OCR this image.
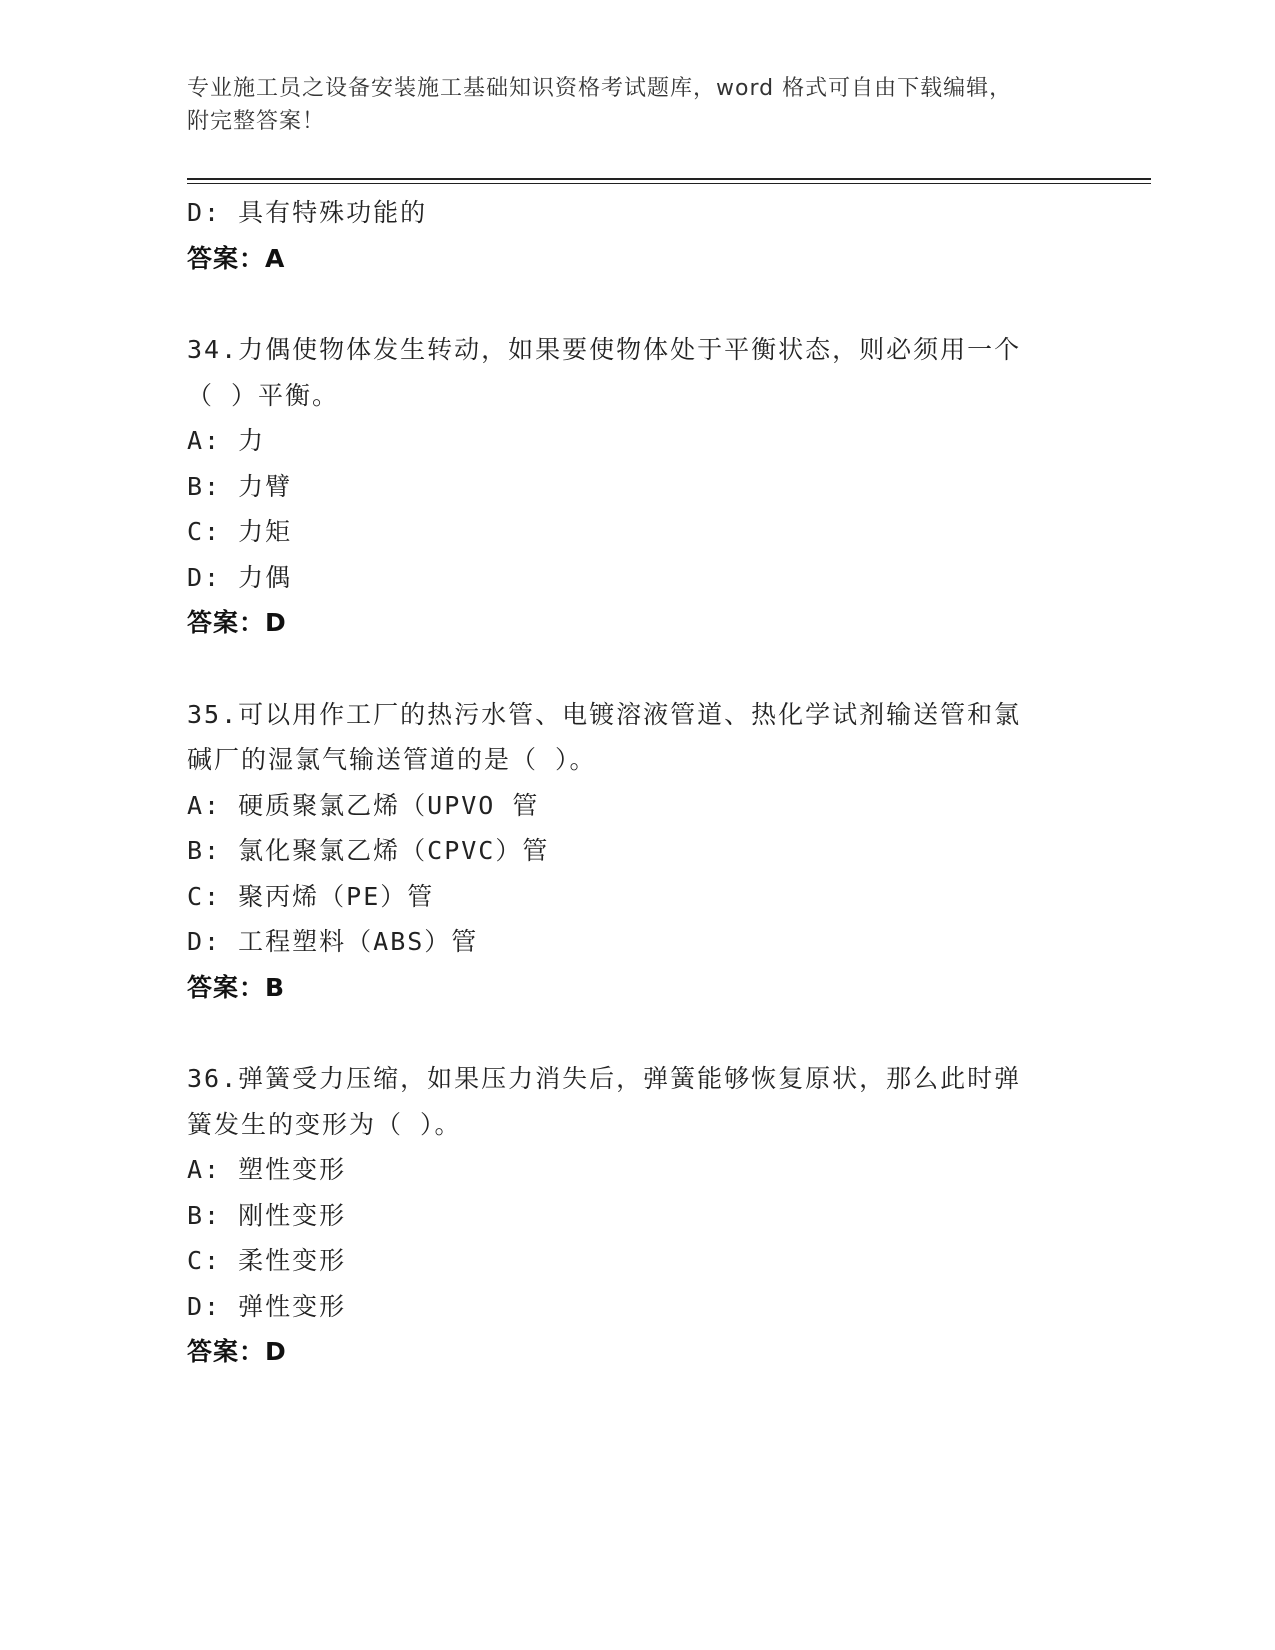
专业施工员之设备安装施工基础知识资格考试题库，word 格式可自由下载编辑，
附完整答案！
D: 具有特殊功能的
答案：A
34.力偶使物体发生转动，如果要使物体处于平衡状态，则必须用一个
（ ）平衡。
A: 力
B: 力臂
C: 力矩
D: 力偶
答案：D
35.可以用作工厂的热污水管、电镀溶液管道、热化学试剂输送管和氯
碱厂的湿氯气输送管道的是（ ）。
A: 硬质聚氯乙烯（UPVO 管
B: 氯化聚氯乙烯（CPVC）管
C: 聚丙烯（PE）管
D: 工程塑料（ABS）管
答案：B
36.弹簧受力压缩，如果压力消失后，弹簧能够恢复原状，那么此时弹
簧发生的变形为（ ）。
A: 塑性变形
B: 刚性变形
C: 柔性变形
D: 弹性变形
答案：D
